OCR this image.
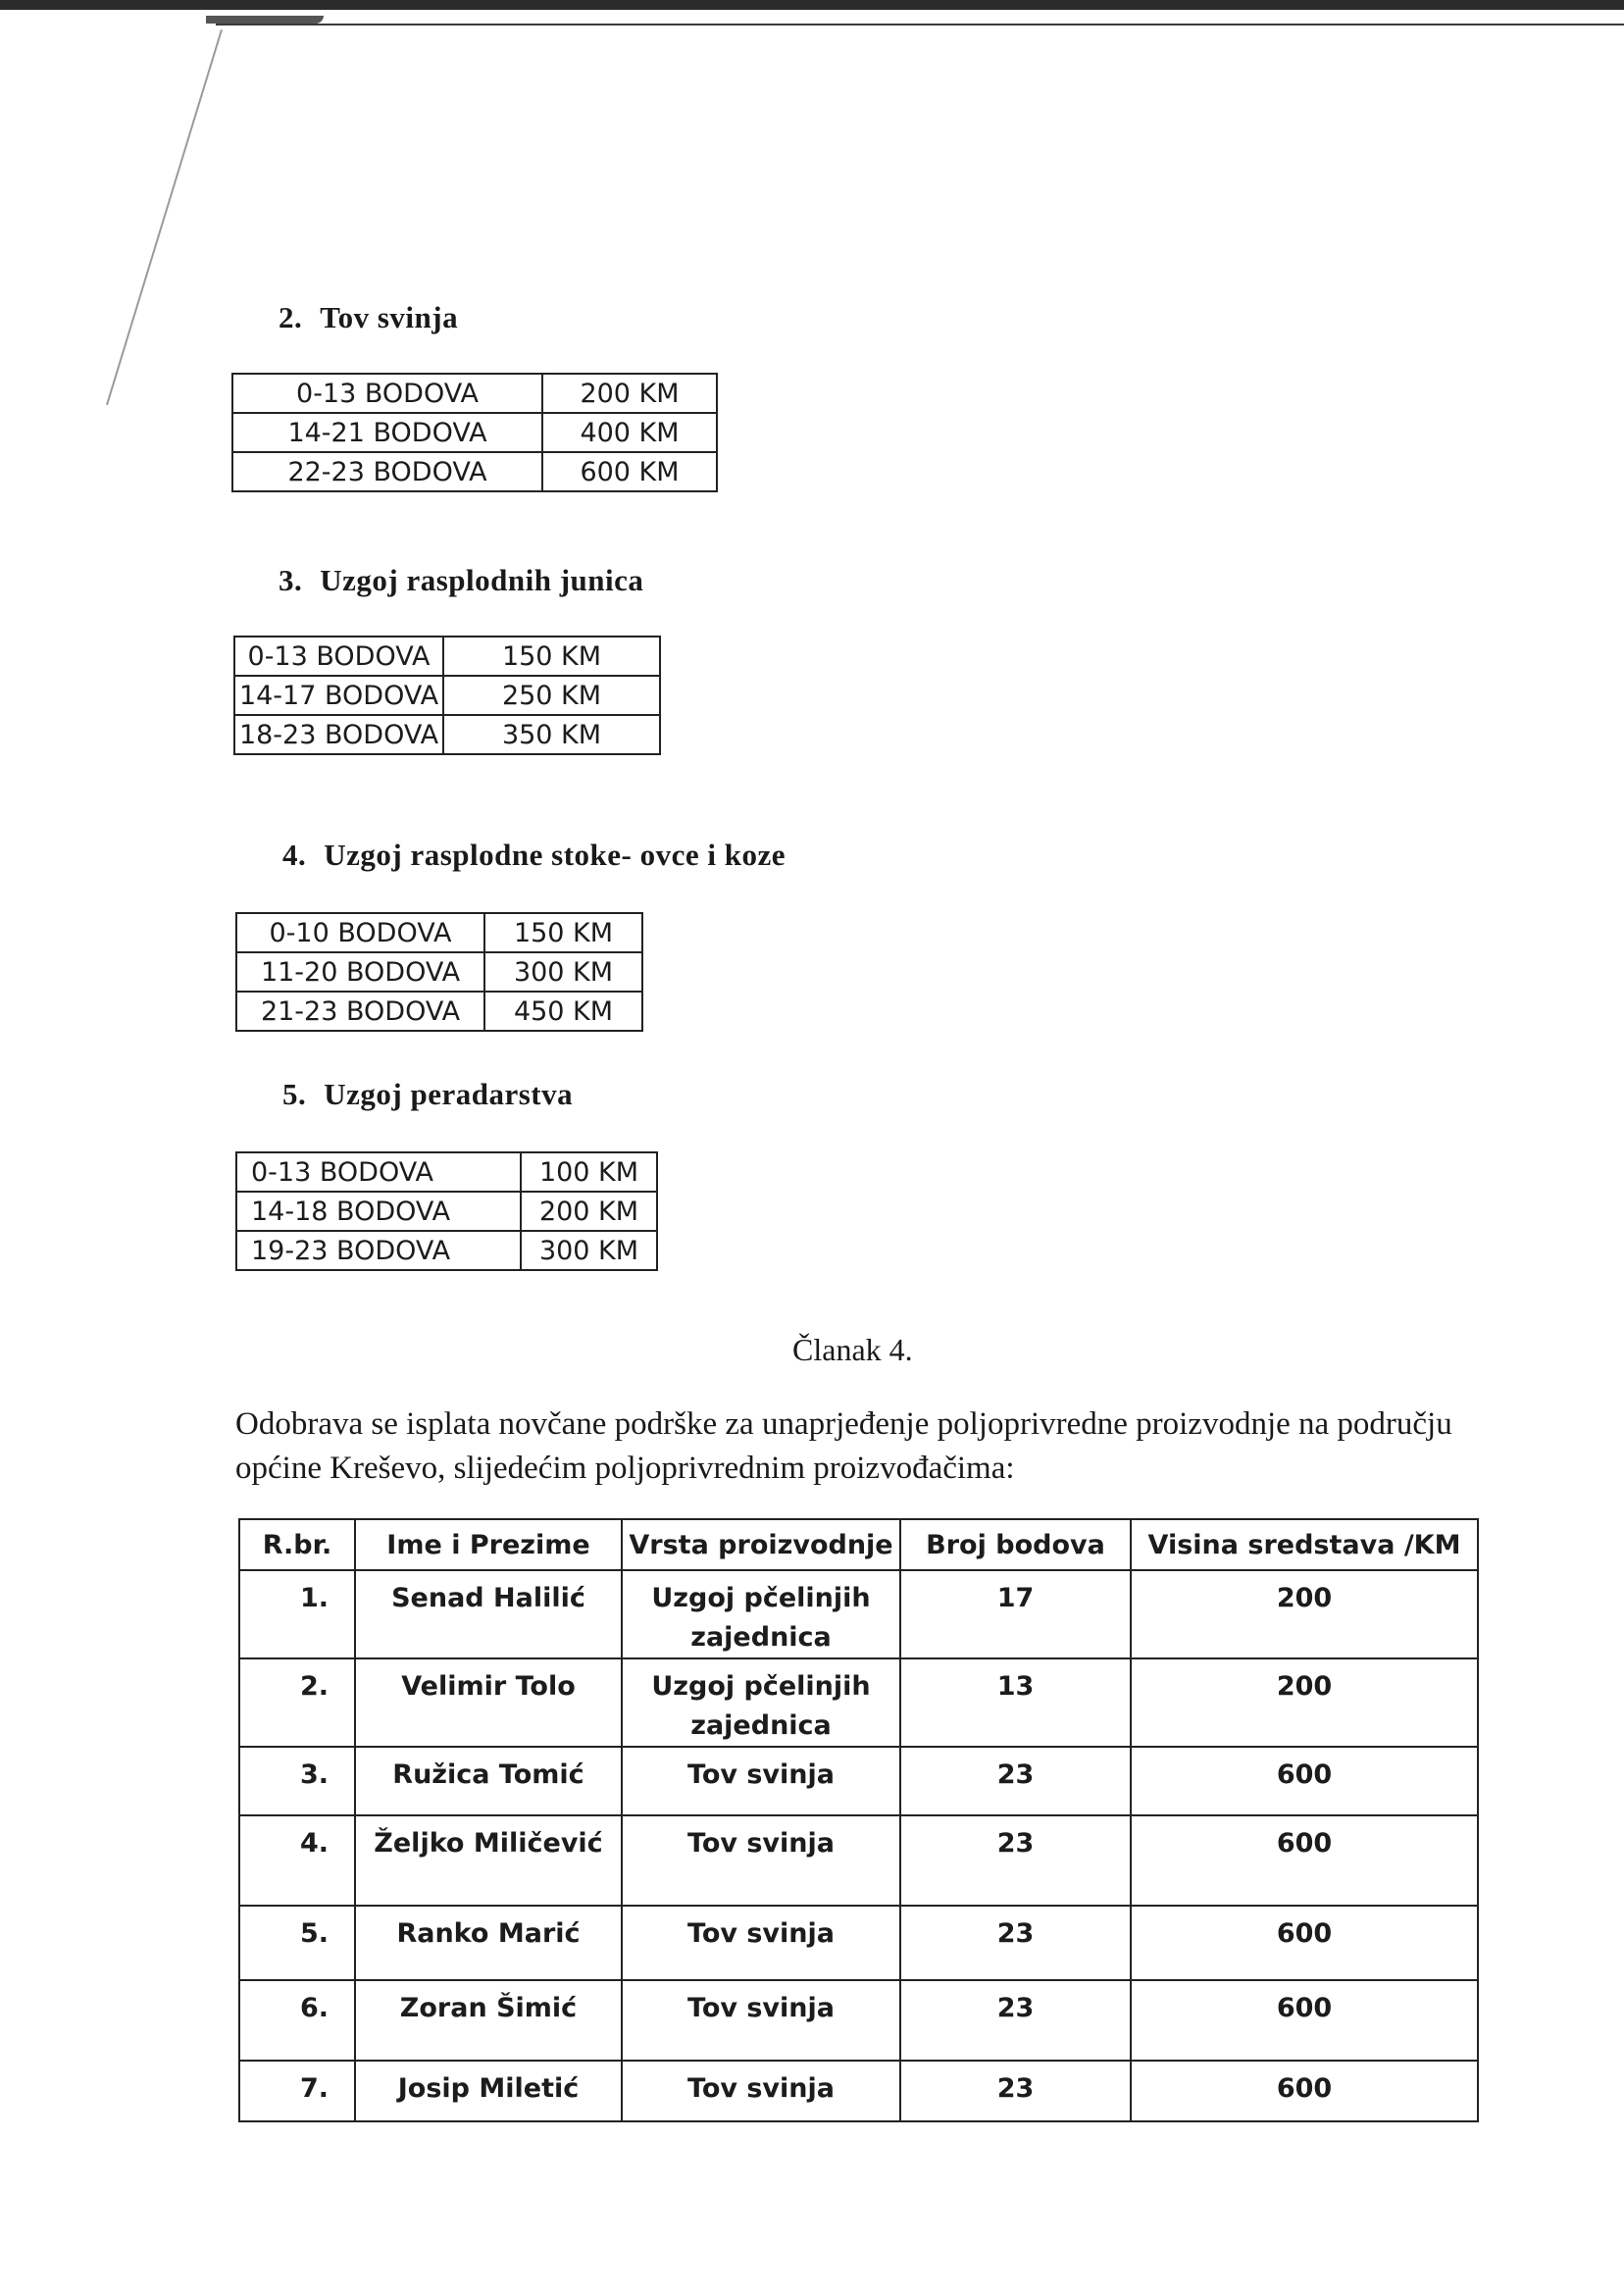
2. Tov svinja
0-13 BODOVA	200 KM
14-21 BODOVA	400 KM
22-23 BODOVA	600 KM
3. Uzgoj rasplodnih junica
0-13 BODOVA	150 KM
14-17 BODOVA	250 KM
18-23 BODOVA	350 KM
4. Uzgoj rasplodne stoke- ovce i koze
0-10 BODOVA	150 KM
11-20 BODOVA	300 KM
21-23 BODOVA	450 KM
5. Uzgoj peradarstva
0-13 BODOVA	100 KM
14-18 BODOVA	200 KM
19-23 BODOVA	300 KM
Članak 4.

Odobrava se isplata novčane podrške za unaprjeđenje poljoprivredne proizvodnje na području općine Kreševo, slijedećim poljoprivrednim proizvođačima:

R.br.	Ime i Prezime	Vrsta proizvodnje	Broj bodova	Visina sredstava /KM
1.	Senad Halilić	Uzgoj pčelinjih zajednica	17	200
2.	Velimir Tolo	Uzgoj pčelinjih zajednica	13	200
3.	Ružica Tomić	Tov svinja	23	600
4.	Željko Miličević	Tov svinja	23	600
5.	Ranko Marić	Tov svinja	23	600
6.	Zoran Šimić	Tov svinja	23	600
7.	Josip Miletić	Tov svinja	23	600
